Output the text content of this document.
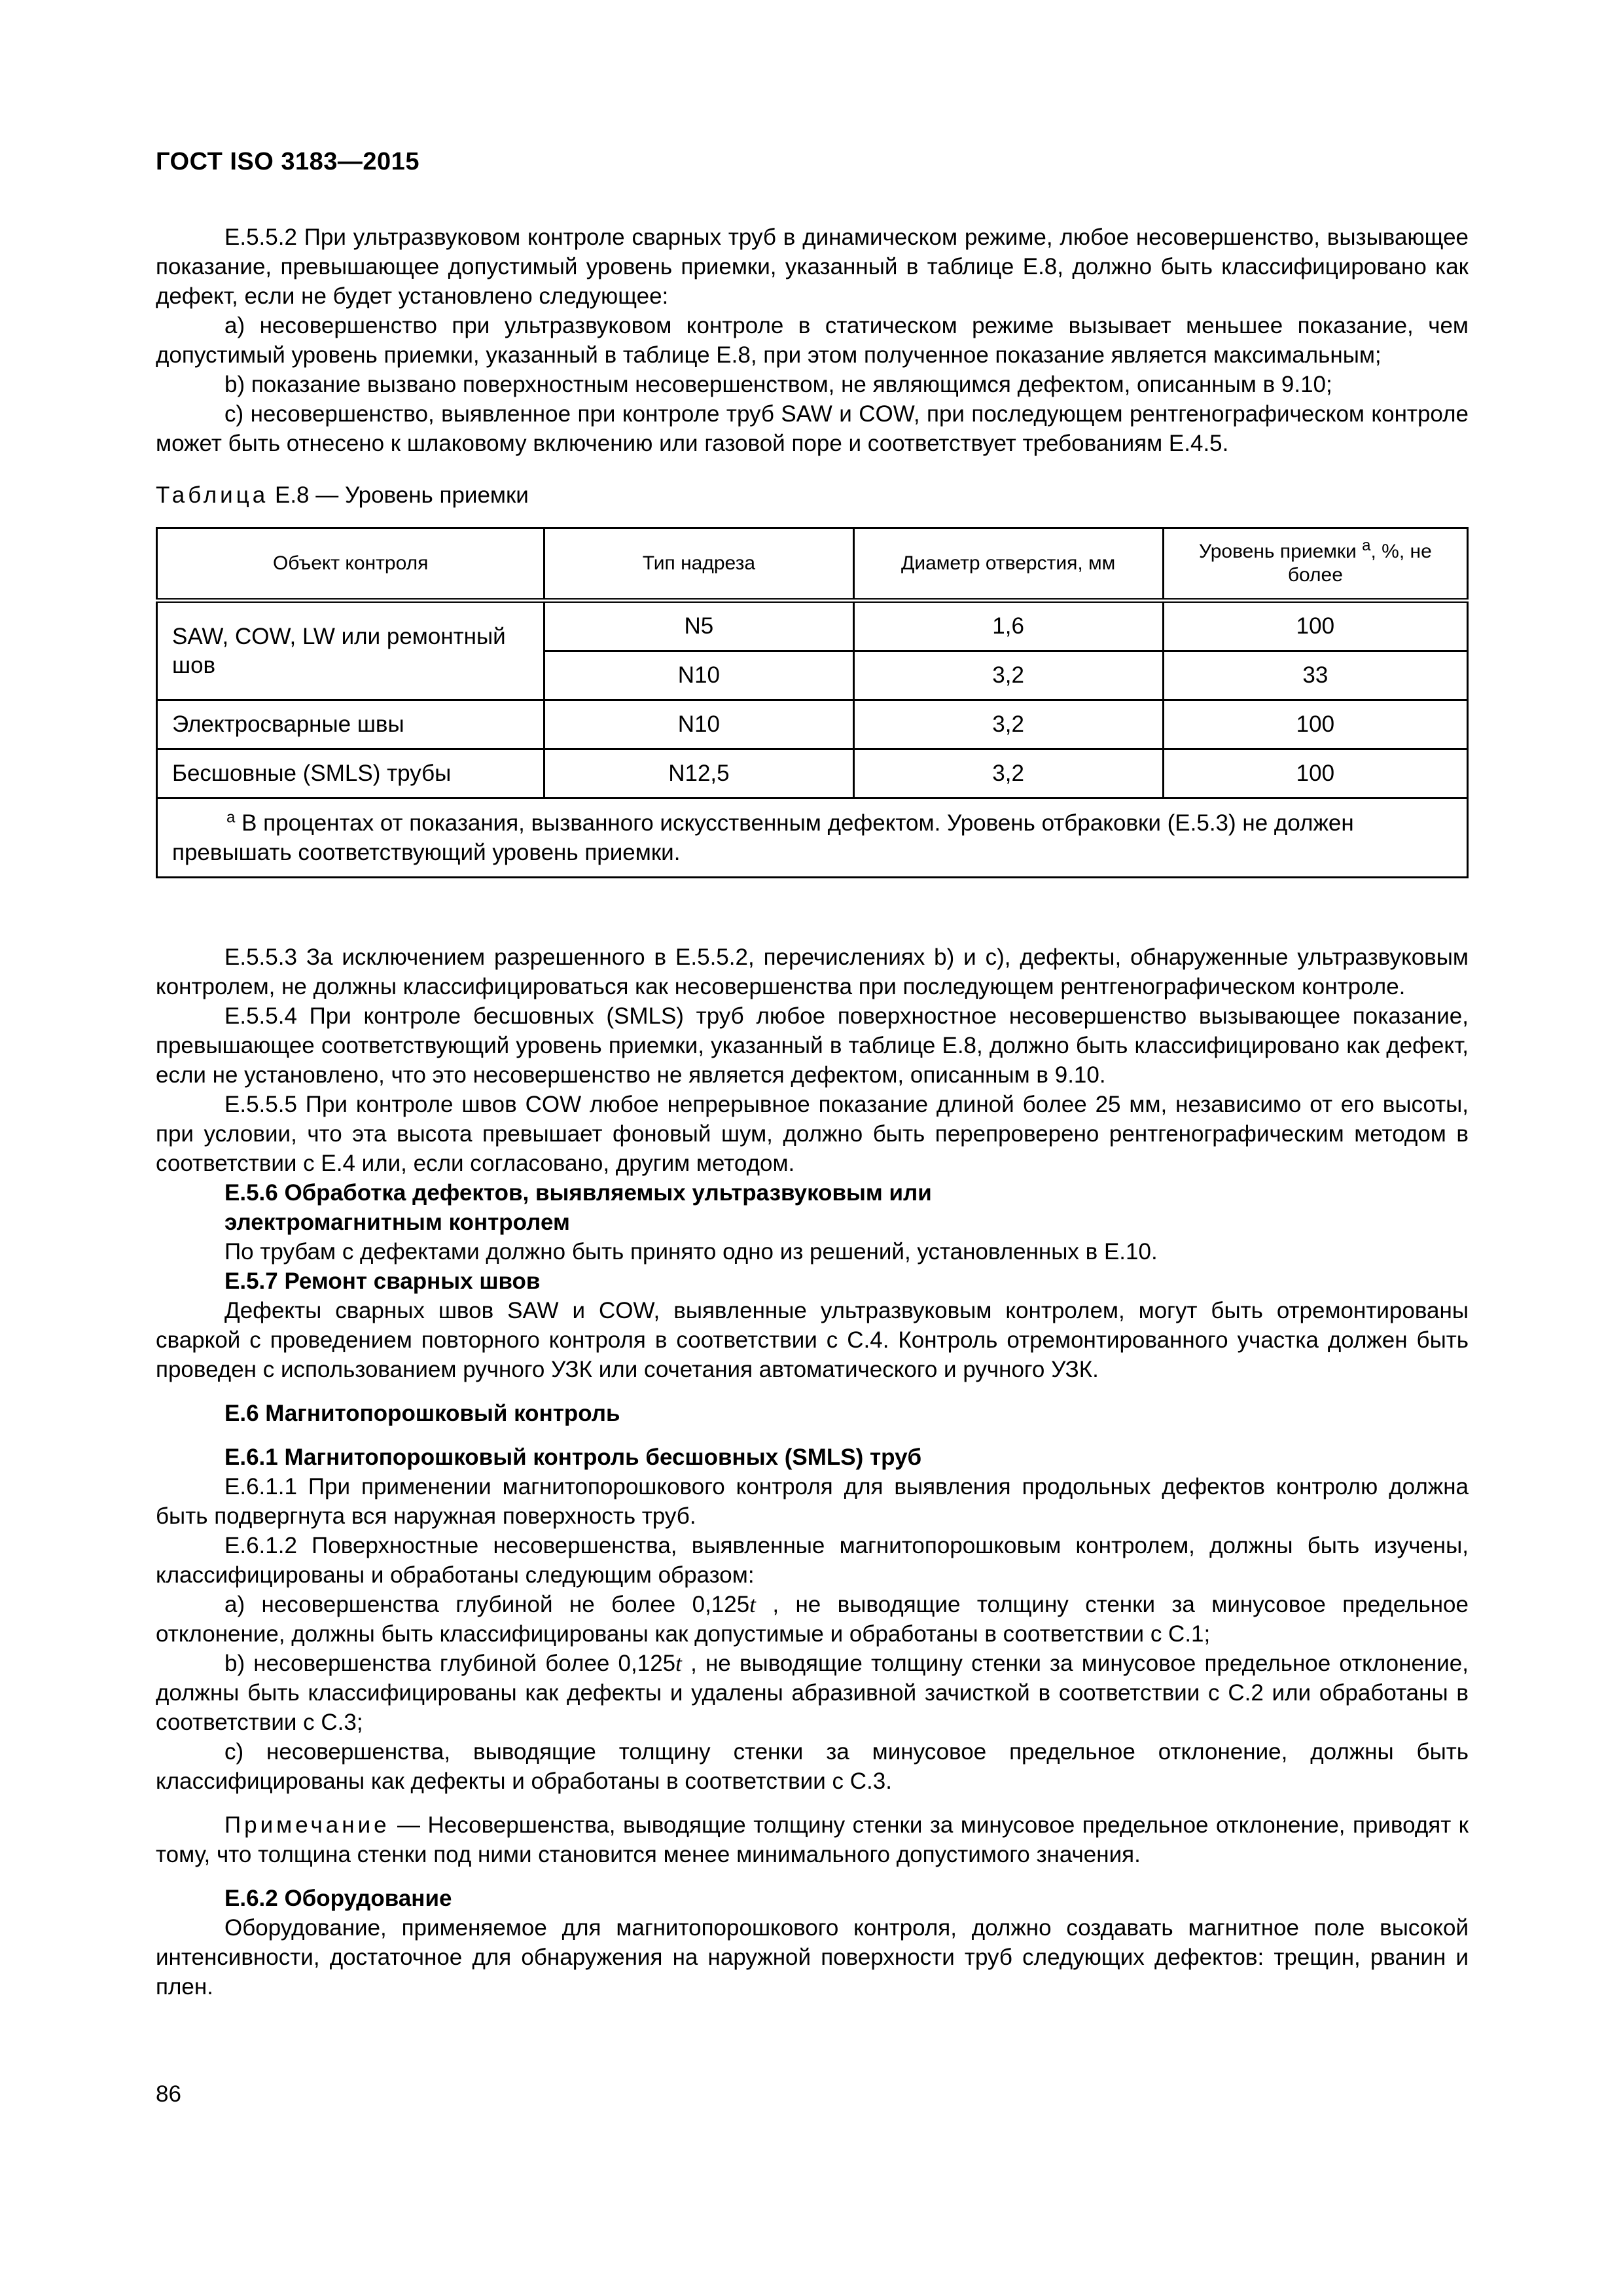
ГОСТ ISO 3183—2015

Е.5.5.2 При ультразвуковом контроле сварных труб в динамическом режиме, любое несовершенство, вызывающее показание, превышающее допустимый уровень приемки, указанный в таблице Е.8, должно быть классифицировано как дефект, если не будет установлено следующее:

a) несовершенство при ультразвуковом контроле в статическом режиме вызывает меньшее показание, чем допустимый уровень приемки, указанный в таблице Е.8, при этом полученное показание является максимальным;

b) показание вызвано поверхностным несовершенством, не являющимся дефектом, описанным в 9.10;

c) несовершенство, выявленное при контроле труб SAW и COW, при последующем рентгенографическом контроле может быть отнесено к шлаковому включению или газовой поре и соответствует требованиям Е.4.5.

Таблица Е.8 — Уровень приемки
Объект контроля	Тип надреза	Диаметр отверстия, мм	Уровень приемки $^a$, %, не более
SAW, COW, LW или ремонтный шов	N5	1,6	100
	N10	3,2	33
Электросварные швы	N10	3,2	100
Бесшовные (SMLS) трубы	N12,5	3,2	100
$^a$ В процентах от показания, вызванного искусственным дефектом. Уровень отбраковки (Е.5.3) не должен превышать соответствующий уровень приемки.			

Е.5.5.3 За исключением разрешенного в Е.5.5.2, перечислениях b) и c), дефекты, обнаруженные ультразвуковым контролем, не должны классифицироваться как несовершенства при последующем рентгенографическом контроле.

Е.5.5.4 При контроле бесшовных (SMLS) труб любое поверхностное несовершенство вызывающее показание, превышающее соответствующий уровень приемки, указанный в таблице Е.8, должно быть классифицировано как дефект, если не установлено, что это несовершенство не является дефектом, описанным в 9.10.

Е.5.5.5 При контроле швов COW любое непрерывное показание длиной более 25 мм, независимо от его высоты, при условии, что эта высота превышает фоновый шум, должно быть перепроверено рентгенографическим методом в соответствии с Е.4 или, если согласовано, другим методом.

Е.5.6 Обработка дефектов, выявляемых ультразвуковым или
электромагнитным контролем

По трубам с дефектами должно быть принято одно из решений, установленных в Е.10.

Е.5.7 Ремонт сварных швов

Дефекты сварных швов SAW и COW, выявленные ультразвуковым контролем, могут быть отремонтированы сваркой с проведением повторного контроля в соответствии с С.4. Контроль отремонтированного участка должен быть проведен с использованием ручного УЗК или сочетания автоматического и ручного УЗК.

Е.6 Магнитопорошковый контроль
Е.6.1 Магнитопорошковый контроль бесшовных (SMLS) труб

Е.6.1.1 При применении магнитопорошкового контроля для выявления продольных дефектов контролю должна быть подвергнута вся наружная поверхность труб.

Е.6.1.2 Поверхностные несовершенства, выявленные магнитопорошковым контролем, должны быть изучены, классифицированы и обработаны следующим образом:

a) несовершенства глубиной не более 0,125t , не выводящие толщину стенки за минусовое предельное отклонение, должны быть классифицированы как допустимые и обработаны в соответствии с С.1;

b) несовершенства глубиной более 0,125t , не выводящие толщину стенки за минусовое предельное отклонение, должны быть классифицированы как дефекты и удалены абразивной зачисткой в соответствии с С.2 или обработаны в соответствии с С.3;

c) несовершенства, выводящие толщину стенки за минусовое предельное отклонение, должны быть классифицированы как дефекты и обработаны в соответствии с С.3.

Примечание — Несовершенства, выводящие толщину стенки за минусовое предельное отклонение, приводят к тому, что толщина стенки под ними становится менее минимального допустимого значения.

Е.6.2 Оборудование

Оборудование, применяемое для магнитопорошкового контроля, должно создавать магнитное поле высокой интенсивности, достаточное для обнаружения на наружной поверхности труб следующих дефектов: трещин, рванин и плен.

86
